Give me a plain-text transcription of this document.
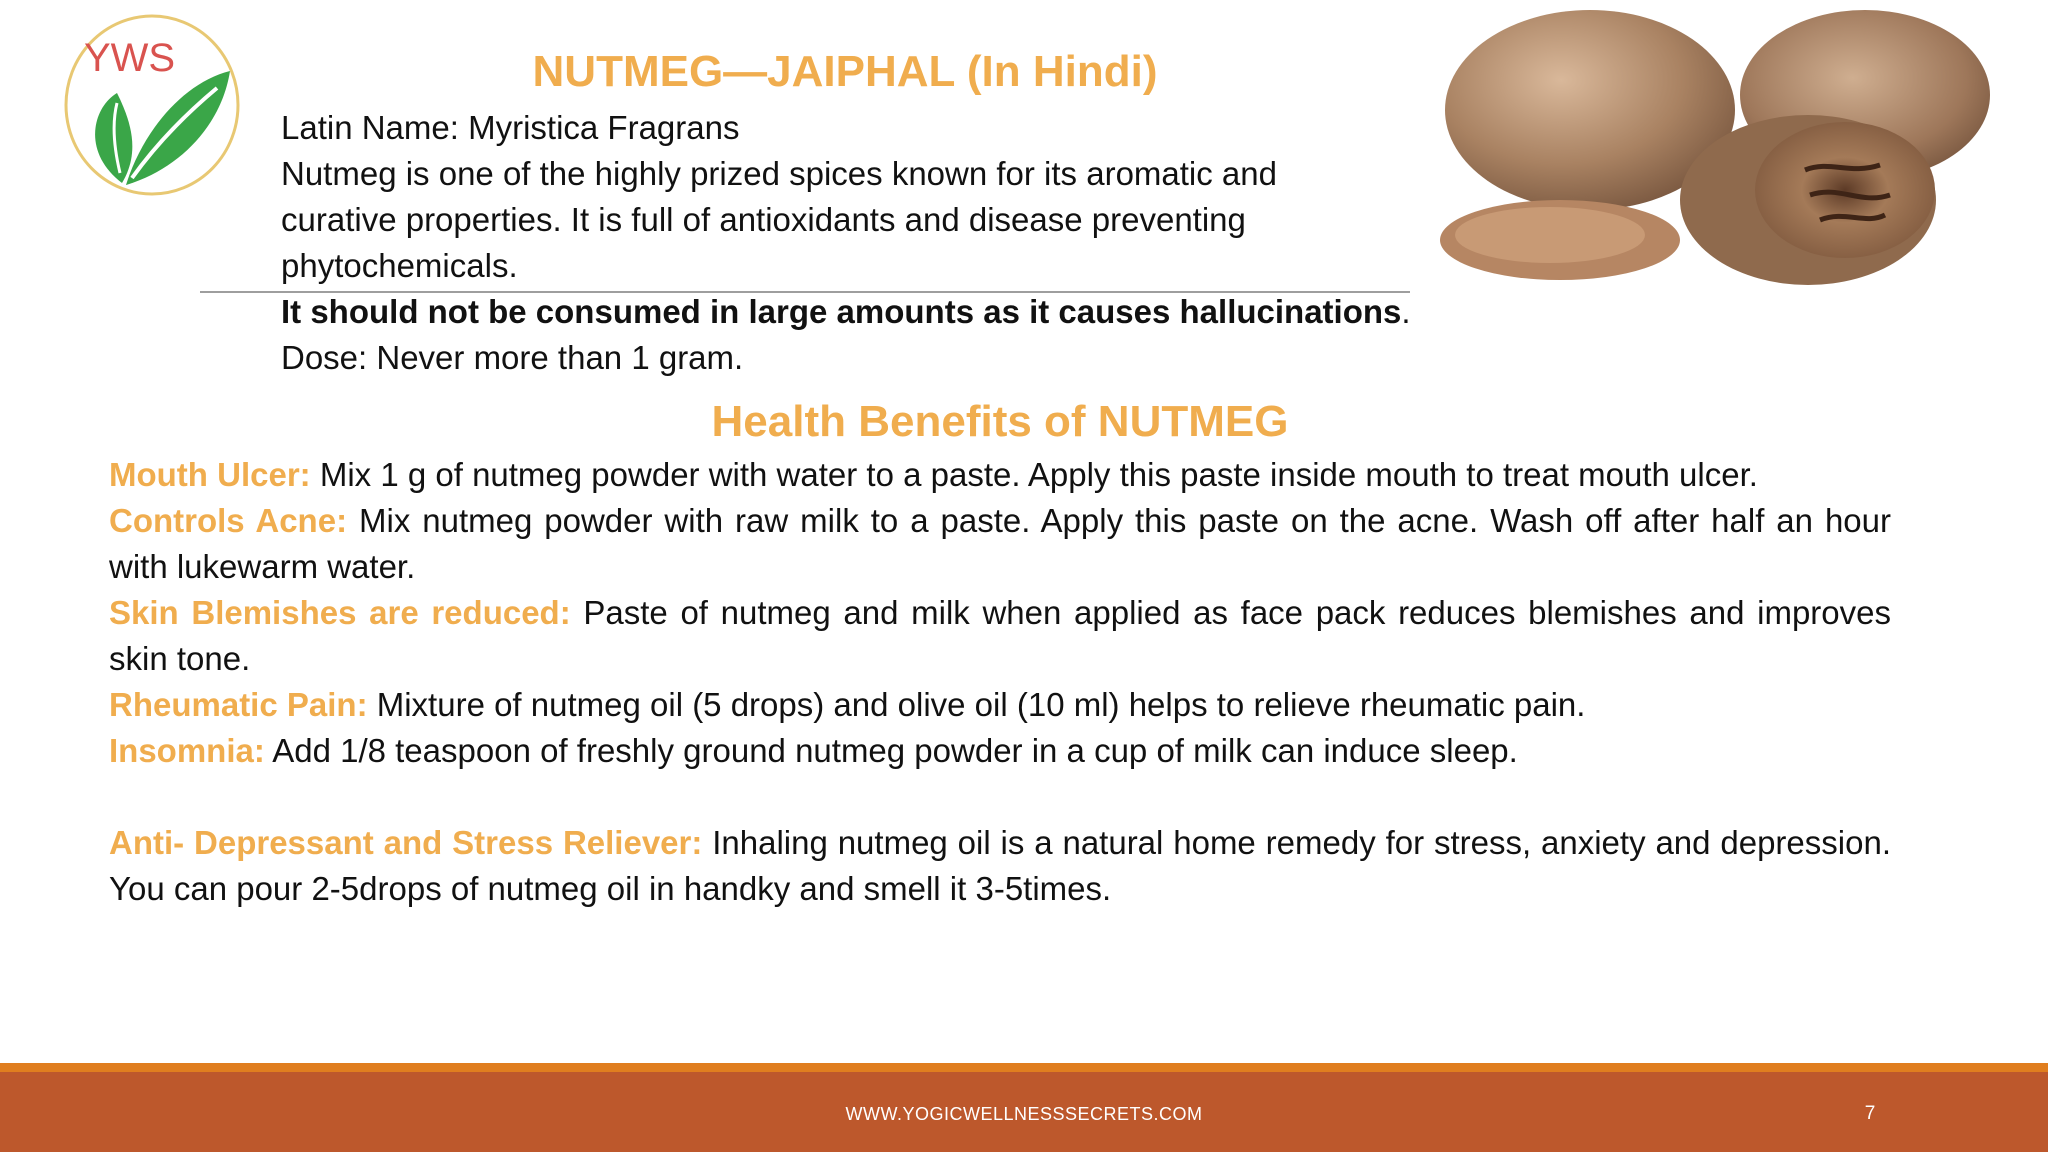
YWS	NUTMEG—JAIPHAL (In Hindi)

Latin Name: Myristica Fragrans

Nutmeg is one of the highly prized spices known for its aromatic and

curative properties. It is full of antioxidants and disease preventing

phytochemicals.

It should not be consumed in large amounts as it causes hallucinations.

Dose: Never more than 1 gram.

Health Benefits of NUTMEG

Mouth Ulcer: Mix 1 g of nutmeg powder with water to a paste. Apply this paste inside mouth to treat mouth ulcer.

Controls Acne: Mix nutmeg powder with raw milk to a paste. Apply this paste on the acne. Wash off after half an hour with lukewarm water.

Skin Blemishes are reduced: Paste of nutmeg and milk when applied as face pack reduces blemishes and improves skin tone.

Rheumatic Pain: Mixture of nutmeg oil (5 drops) and olive oil (10 ml) helps to relieve rheumatic pain.

Insomnia: Add 1/8 teaspoon of freshly ground nutmeg powder in a cup of milk can induce sleep.

Anti- Depressant and Stress Reliever: Inhaling nutmeg oil is a natural home remedy for stress, anxiety and depression. You can pour 2-5drops of nutmeg oil in handky and smell it 3-5times.

WWW.YOGICWELLNESSSECRETS.COM	7
